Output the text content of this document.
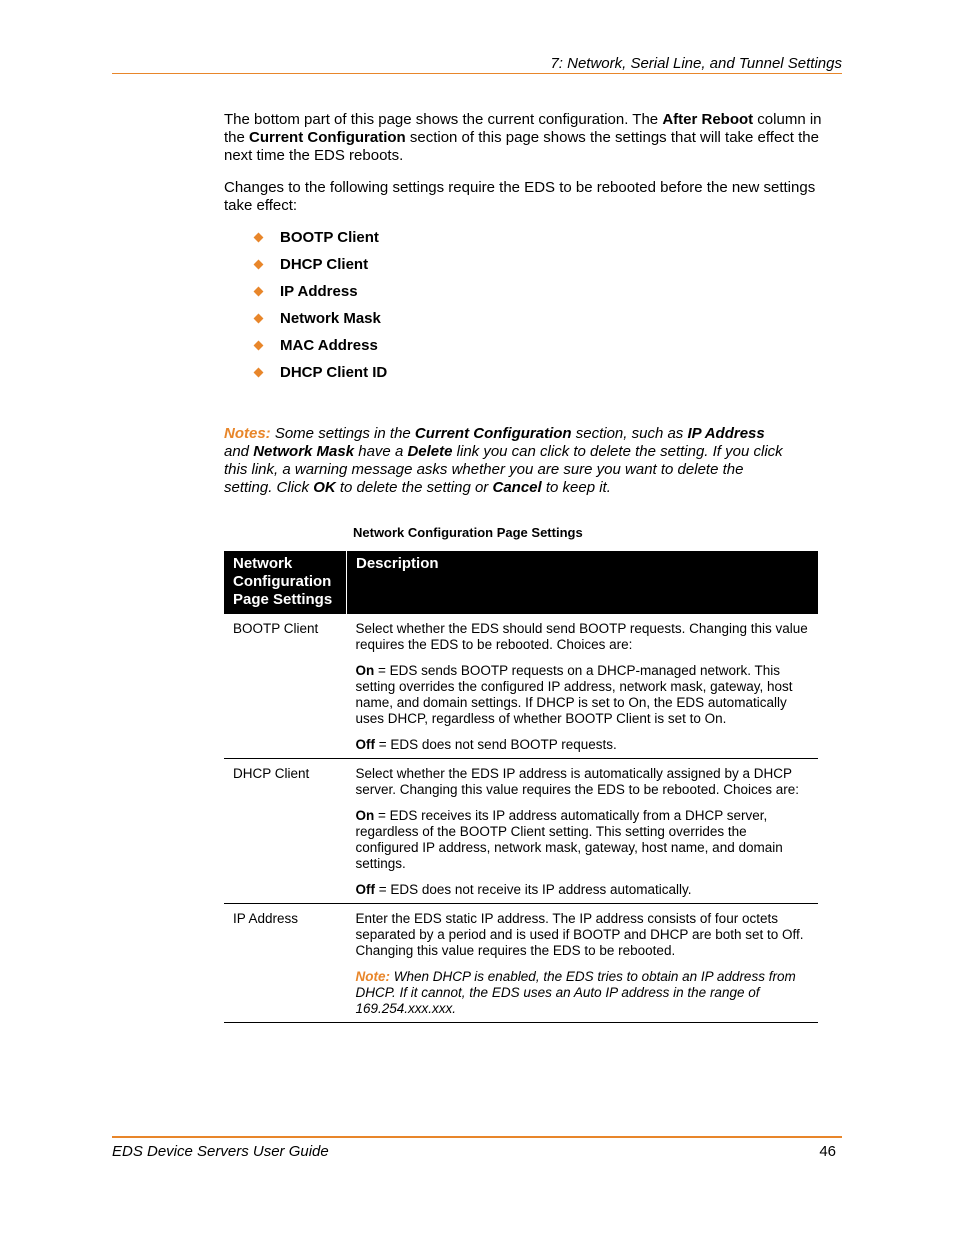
7: Network, Serial Line, and Tunnel Settings

The bottom part of this page shows the current configuration. The After Reboot column in the Current Configuration section of this page shows the settings that will take effect the next time the EDS reboots.

Changes to the following settings require the EDS to be rebooted before the new settings take effect:

BOOTP Client
DHCP Client
IP Address
Network Mask
MAC Address
DHCP Client ID
Notes: Some settings in the Current Configuration section, such as IP Address and Network Mask have a Delete link you can click to delete the setting. If you click this link, a warning message asks whether you are sure you want to delete the setting. Click OK to delete the setting or Cancel to keep it.
Network Configuration Page Settings
Network Configuration Page Settings	Description
BOOTP Client	Select whether the EDS should send BOOTP requests. Changing this value requires the EDS to be rebooted. Choices are:

On = EDS sends BOOTP requests on a DHCP-managed network. This setting overrides the configured IP address, network mask, gateway, host name, and domain settings. If DHCP is set to On, the EDS automatically uses DHCP, regardless of whether BOOTP Client is set to On.

Off = EDS does not send BOOTP requests.

DHCP Client	Select whether the EDS IP address is automatically assigned by a DHCP server. Changing this value requires the EDS to be rebooted. Choices are:

On = EDS receives its IP address automatically from a DHCP server, regardless of the BOOTP Client setting. This setting overrides the configured IP address, network mask, gateway, host name, and domain settings.

Off = EDS does not receive its IP address automatically.

IP Address	Enter the EDS static IP address. The IP address consists of four octets separated by a period and is used if BOOTP and DHCP are both set to Off. Changing this value requires the EDS to be rebooted.

Note: When DHCP is enabled, the EDS tries to obtain an IP address from DHCP. If it cannot, the EDS uses an Auto IP address in the range of 169.254.xxx.xxx.

EDS Device Servers User Guide	46
